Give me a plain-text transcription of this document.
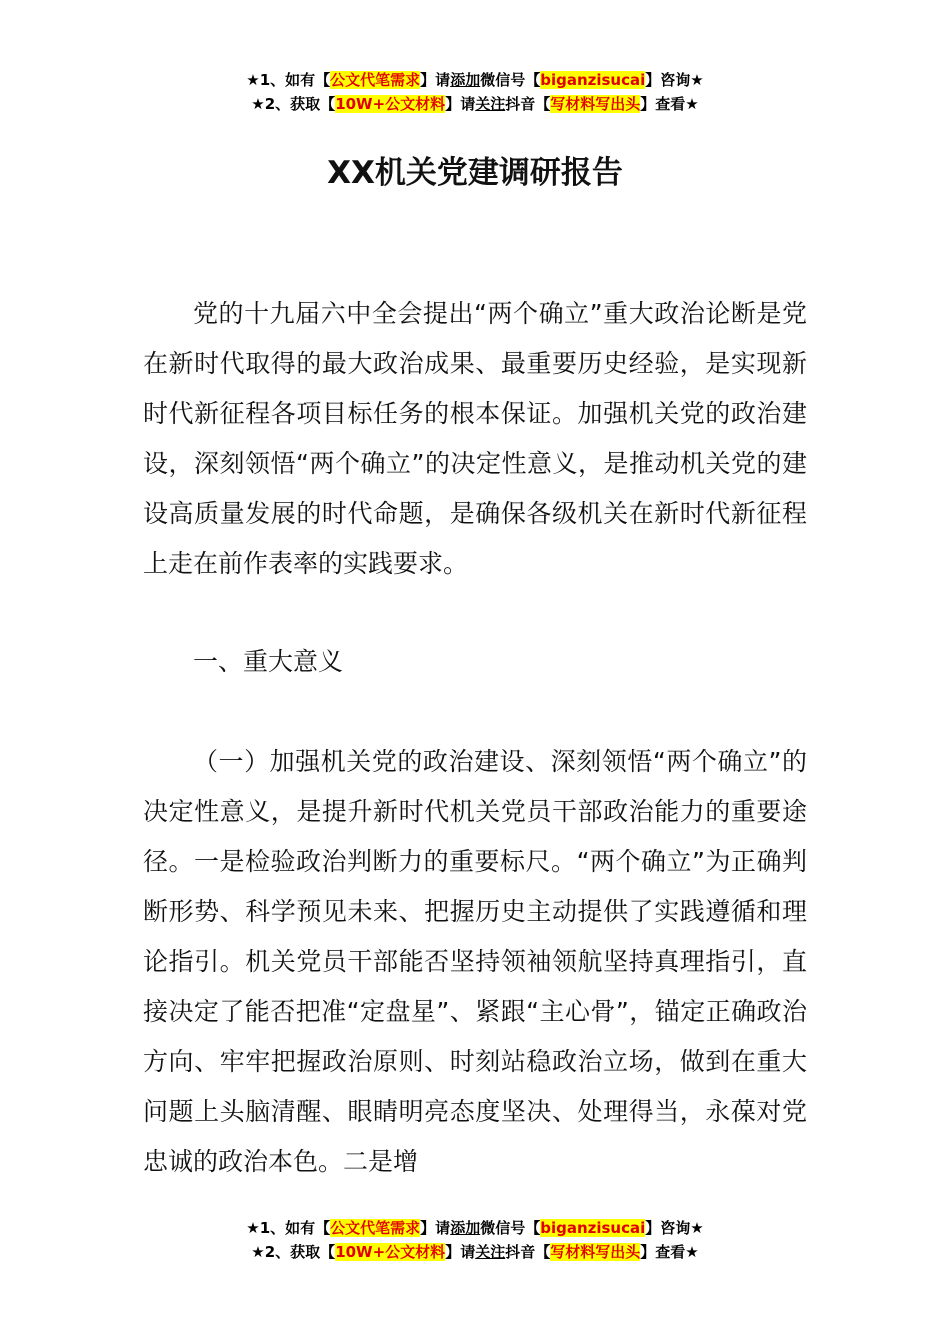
★1、如有【公文代笔需求】请添加微信号【biganzisucai】咨询★
★2、获取【10W+公文材料】请关注抖音【写材料写出头】查看★
XX机关党建调研报告

党的十九届六中全会提出“两个确立”重大政治论断是党在新时代取得的最大政治成果、最重要历史经验，是实现新时代新征程各项目标任务的根本保证。加强机关党的政治建设，深刻领悟“两个确立”的决定性意义，是推动机关党的建设高质量发展的时代命题，是确保各级机关在新时代新征程上走在前作表率的实践要求。

一、重大意义

（一）加强机关党的政治建设、深刻领悟“两个确立”的决定性意义，是提升新时代机关党员干部政治能力的重要途径。一是检验政治判断力的重要标尺。“两个确立”为正确判断形势、科学预见未来、把握历史主动提供了实践遵循和理论指引。机关党员干部能否坚持领袖领航坚持真理指引，直接决定了能否把准“定盘星”、紧跟“主心骨”，锚定正确政治方向、牢牢把握政治原则、时刻站稳政治立场，做到在重大问题上头脑清醒、眼睛明亮态度坚决、处理得当，永葆对党忠诚的政治本色。二是增

★1、如有【公文代笔需求】请添加微信号【biganzisucai】咨询★
★2、获取【10W+公文材料】请关注抖音【写材料写出头】查看★
